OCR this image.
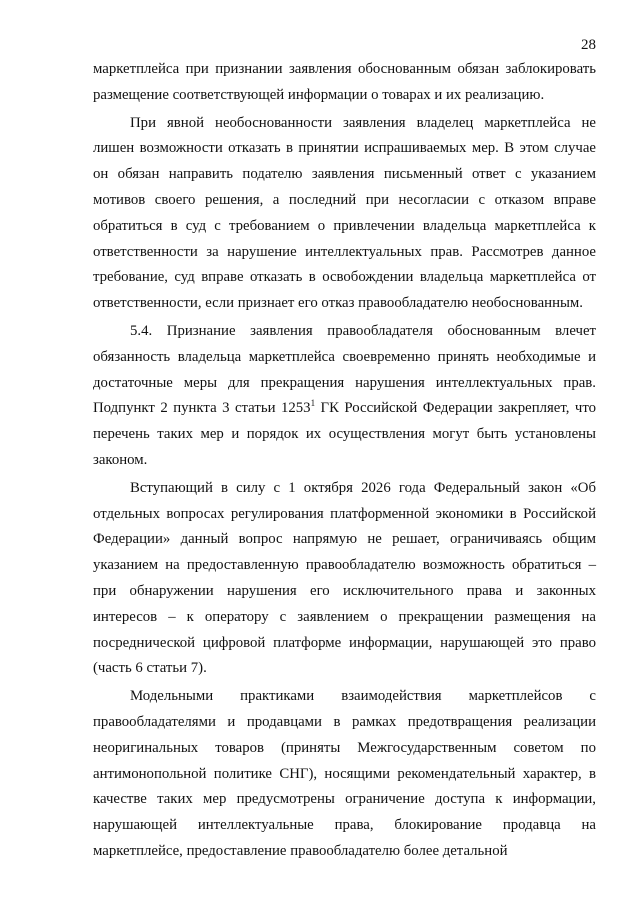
28

маркетплейса при признании заявления обоснованным обязан заблокировать размещение соответствующей информации о товарах и их реализацию.

При явной необоснованности заявления владелец маркетплейса не лишен возможности отказать в принятии испрашиваемых мер. В этом случае он обязан направить подателю заявления письменный ответ с указанием мотивов своего решения, а последний при несогласии с отказом вправе обратиться в суд с требованием о привлечении владельца маркетплейса к ответственности за нарушение интеллектуальных прав. Рассмотрев данное требование, суд вправе отказать в освобождении владельца маркетплейса от ответственности, если признает его отказ правообладателю необоснованным.

5.4. Признание заявления правообладателя обоснованным влечет обязанность владельца маркетплейса своевременно принять необходимые и достаточные меры для прекращения нарушения интеллектуальных прав. Подпункт 2 пункта 3 статьи 1253$^1$ ГК Российской Федерации закрепляет, что перечень таких мер и порядок их осуществления могут быть установлены законом.

Вступающий в силу с 1 октября 2026 года Федеральный закон «Об отдельных вопросах регулирования платформенной экономики в Российской Федерации» данный вопрос напрямую не решает, ограничиваясь общим указанием на предоставленную правообладателю возможность обратиться – при обнаружении нарушения его исключительного права и законных интересов – к оператору с заявлением о прекращении размещения на посреднической цифровой платформе информации, нарушающей это право (часть 6 статьи 7).

Модельными практиками взаимодействия маркетплейсов с правообладателями и продавцами в рамках предотвращения реализации неоригинальных товаров (приняты Межгосударственным советом по антимонопольной политике СНГ), носящими рекомендательный характер, в качестве таких мер предусмотрены ограничение доступа к информации, нарушающей интеллектуальные права, блокирование продавца на маркетплейсе, предоставление правообладателю более детальной
